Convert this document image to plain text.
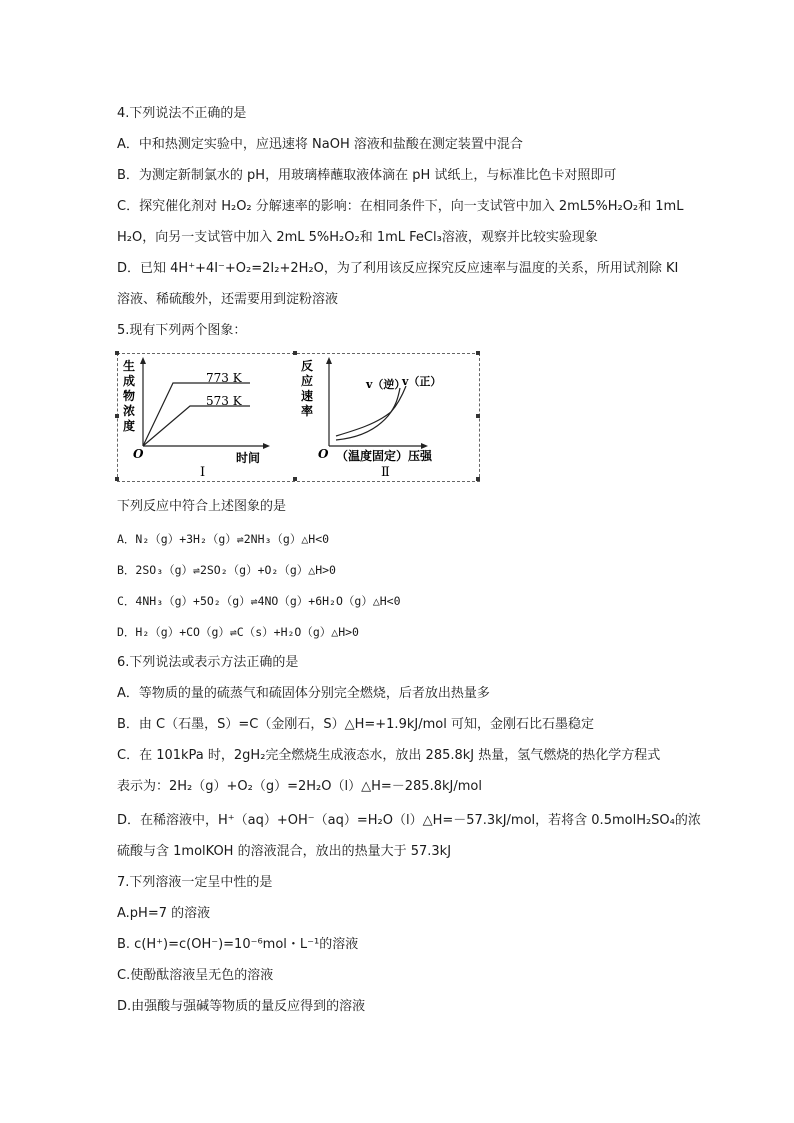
4.下列说法不正确的是
A．中和热测定实验中，应迅速将 NaOH 溶液和盐酸在测定装置中混合
B．为测定新制氯水的 pH，用玻璃棒蘸取液体滴在 pH 试纸上，与标准比色卡对照即可
C．探究催化剂对 H₂O₂ 分解速率的影响：在相同条件下，向一支试管中加入 2mL5%H₂O₂和 1mL
H₂O，向另一支试管中加入 2mL 5%H₂O₂和 1mL FeCl₃溶液，观察并比较实验现象
D．已知 4H⁺+4I⁻+O₂=2I₂+2H₂O，为了利用该反应探究反应速率与温度的关系，所用试剂除 KI
溶液、稀硫酸外，还需要用到淀粉溶液
5.现有下列两个图象：
773 K
573 K
生
成
物
浓
度
O	时间
Ⅰ
反
应
速
率
v（逆）
v（正）
O （温度固定）压强
Ⅱ
下列反应中符合上述图象的是
A．N₂（g）+3H₂（g）⇌2NH₃（g）△H<0
B．2SO₃（g）⇌2SO₂（g）+O₂（g）△H>0
C．4NH₃（g）+5O₂（g）⇌4NO（g）+6H₂O（g）△H<0
D．H₂（g）+CO（g）⇌C（s）+H₂O（g）△H>0
6.下列说法或表示方法正确的是
A．等物质的量的硫蒸气和硫固体分别完全燃烧，后者放出热量多
B．由 C（石墨，S）=C（金刚石，S）△H=+1.9kJ/mol 可知，金刚石比石墨稳定
C．在 101kPa 时，2gH₂完全燃烧生成液态水，放出 285.8kJ 热量，氢气燃烧的热化学方程式
表示为：2H₂（g）+O₂（g）=2H₂O（l）△H=－285.8kJ/mol
D．在稀溶液中，H⁺（aq）+OH⁻（aq）=H₂O（l）△H=－57.3kJ/mol，若将含 0.5molH₂SO₄的浓
硫酸与含 1molKOH 的溶液混合，放出的热量大于 57.3kJ
7.下列溶液一定呈中性的是
A.pH=7 的溶液
B. c(H⁺)=c(OH⁻)=10⁻⁶mol・L⁻¹的溶液
C.使酚酞溶液呈无色的溶液
D.由强酸与强碱等物质的量反应得到的溶液
